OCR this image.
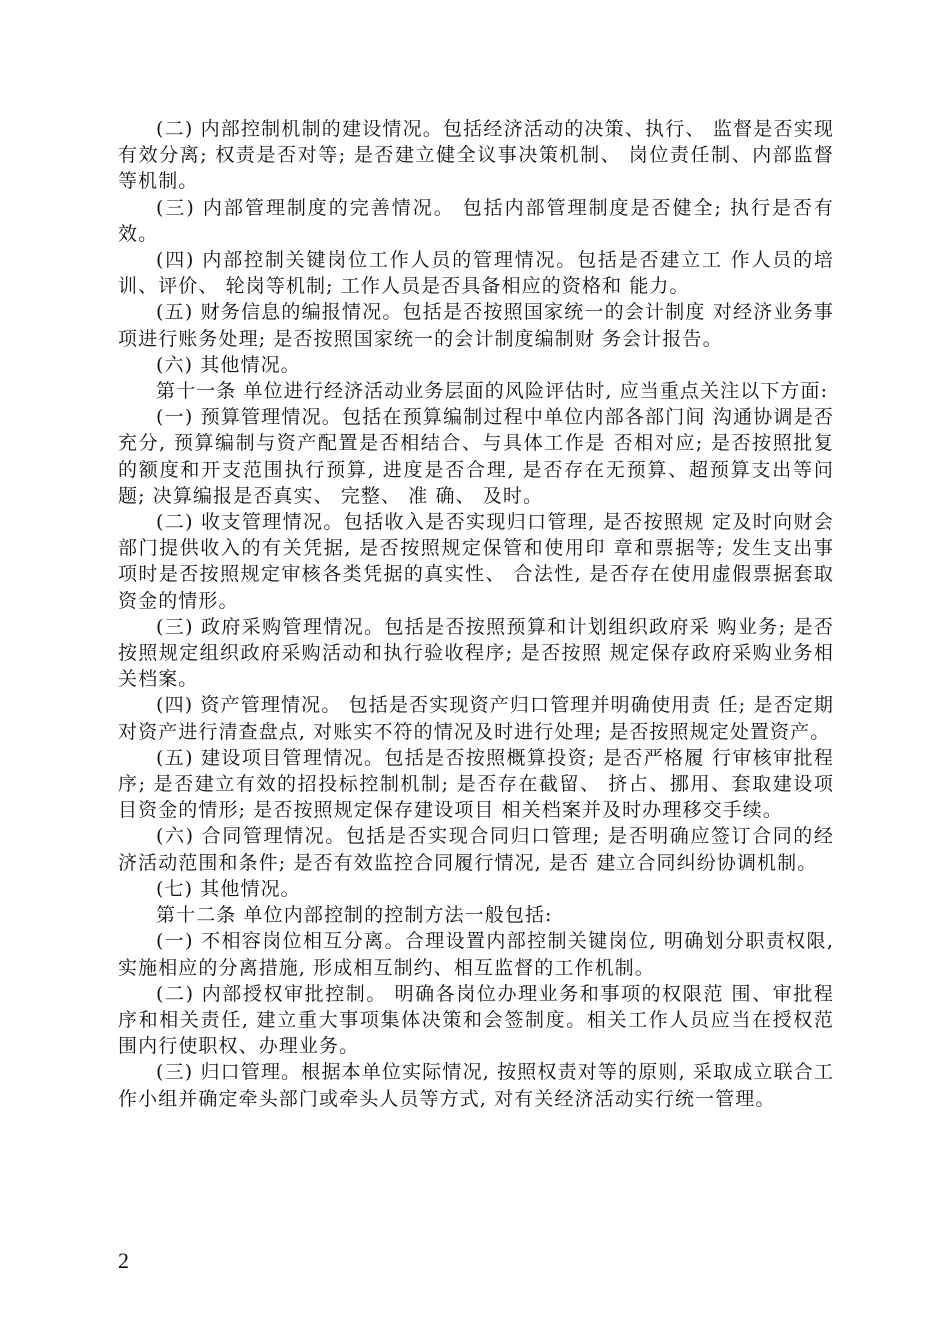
(二) 内部控制机制的建设情况。包括经济活动的决策、执行、 监督是否实现有效分离; 权责是否对等; 是否建立健全议事决策机制、 岗位责任制、内部监督等机制。

(三) 内部管理制度的完善情况。 包括内部管理制度是否健全; 执行是否有效。

(四) 内部控制关键岗位工作人员的管理情况。包括是否建立工 作人员的培训、评价、 轮岗等机制; 工作人员是否具备相应的资格和 能力。

(五) 财务信息的编报情况。包括是否按照国家统一的会计制度 对经济业务事项进行账务处理; 是否按照国家统一的会计制度编制财 务会计报告。

(六) 其他情况。

第十一条 单位进行经济活动业务层面的风险评估时, 应当重点关注以下方面:

(一) 预算管理情况。包括在预算编制过程中单位内部各部门间 沟通协调是否充分, 预算编制与资产配置是否相结合、与具体工作是 否相对应; 是否按照批复的额度和开支范围执行预算, 进度是否合理, 是否存在无预算、超预算支出等问题; 决算编报是否真实、 完整、 准 确、 及时。

(二) 收支管理情况。包括收入是否实现归口管理, 是否按照规 定及时向财会部门提供收入的有关凭据, 是否按照规定保管和使用印 章和票据等; 发生支出事项时是否按照规定审核各类凭据的真实性、 合法性, 是否存在使用虚假票据套取资金的情形。

(三) 政府采购管理情况。包括是否按照预算和计划组织政府采 购业务; 是否按照规定组织政府采购活动和执行验收程序; 是否按照 规定保存政府采购业务相关档案。

(四) 资产管理情况。 包括是否实现资产归口管理并明确使用责 任; 是否定期对资产进行清查盘点, 对账实不符的情况及时进行处理; 是否按照规定处置资产。

(五) 建设项目管理情况。包括是否按照概算投资; 是否严格履 行审核审批程序; 是否建立有效的招投标控制机制; 是否存在截留、 挤占、挪用、套取建设项目资金的情形; 是否按照规定保存建设项目 相关档案并及时办理移交手续。

(六) 合同管理情况。包括是否实现合同归口管理; 是否明确应签订合同的经济活动范围和条件; 是否有效监控合同履行情况, 是否 建立合同纠纷协调机制。

(七) 其他情况。

第十二条 单位内部控制的控制方法一般包括:

(一) 不相容岗位相互分离。合理设置内部控制关键岗位, 明确划分职责权限, 实施相应的分离措施, 形成相互制约、相互监督的工作机制。

(二) 内部授权审批控制。 明确各岗位办理业务和事项的权限范 围、审批程序和相关责任, 建立重大事项集体决策和会签制度。相关工作人员应当在授权范围内行使职权、办理业务。

(三) 归口管理。根据本单位实际情况, 按照权责对等的原则, 采取成立联合工作小组并确定牵头部门或牵头人员等方式, 对有关经济活动实行统一管理。

2
